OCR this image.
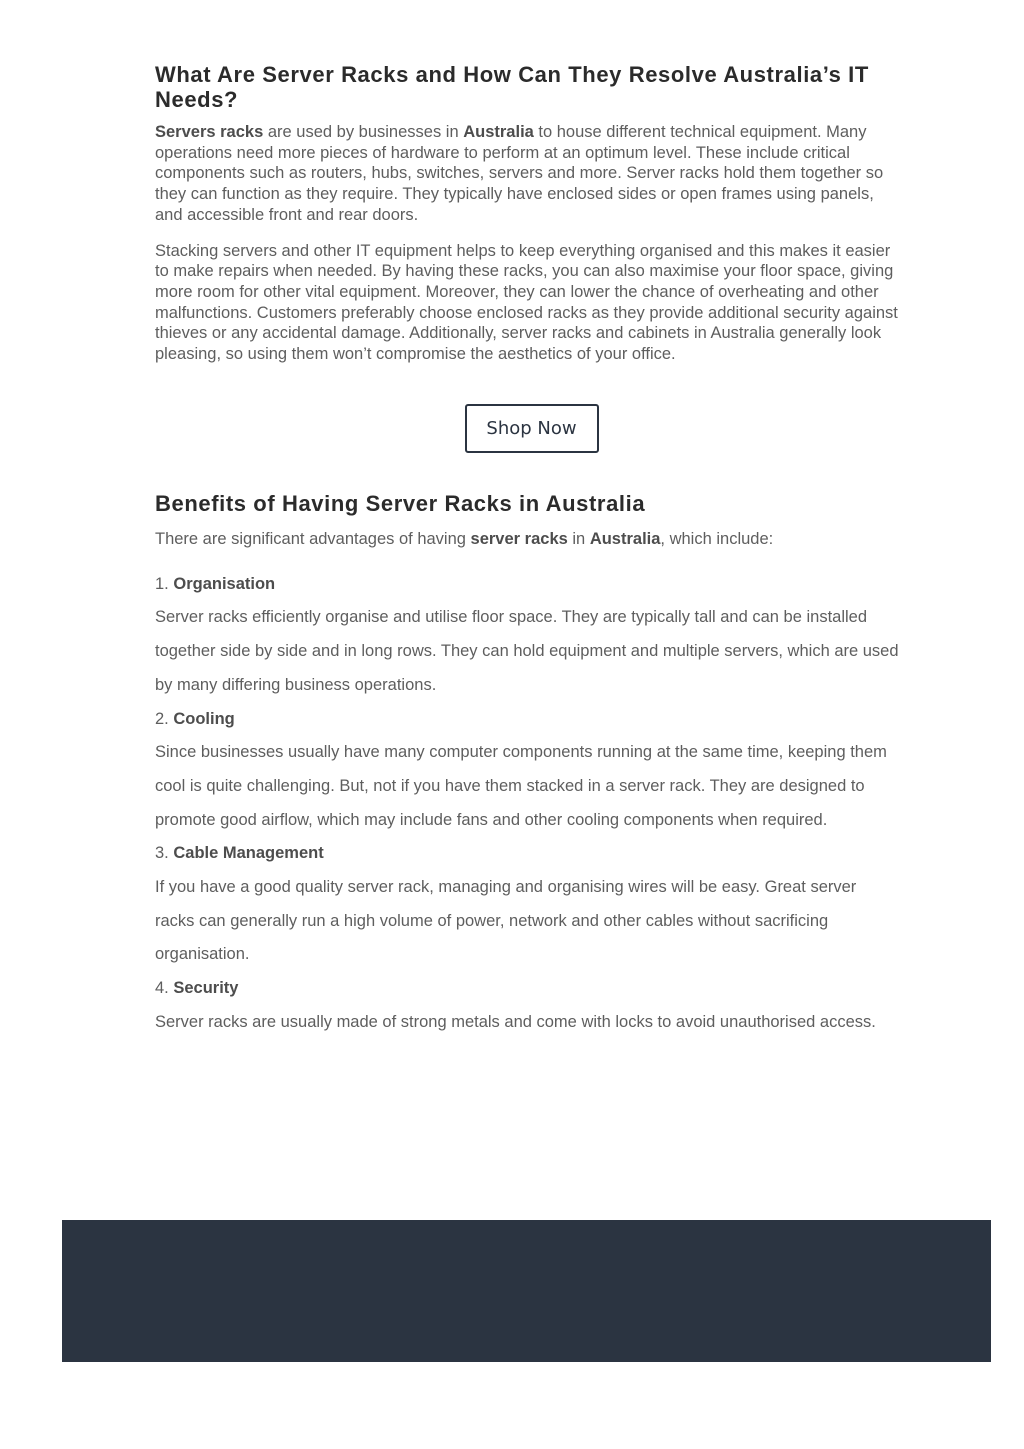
What Are Server Racks and How Can They Resolve Australia’s IT Needs?

Servers racks are used by businesses in Australia to house different technical equipment. Many operations need more pieces of hardware to perform at an optimum level. These include critical components such as routers, hubs, switches, servers and more. Server racks hold them together so they can function as they require. They typically have enclosed sides or open frames using panels, and accessible front and rear doors.

Stacking servers and other IT equipment helps to keep everything organised and this makes it easier to make repairs when needed. By having these racks, you can also maximise your floor space, giving more room for other vital equipment. Moreover, they can lower the chance of overheating and other malfunctions. Customers preferably choose enclosed racks as they provide additional security against thieves or any accidental damage. Additionally, server racks and cabinets in Australia generally look pleasing, so using them won’t compromise the aesthetics of your office.

Shop Now
Benefits of Having Server Racks in Australia

There are significant advantages of having server racks in Australia, which include:

1. Organisation
Server racks efficiently organise and utilise floor space. They are typically tall and can be installed together side by side and in long rows. They can hold equipment and multiple servers, which are used by many differing business operations.
2. Cooling
Since businesses usually have many computer components running at the same time, keeping them cool is quite challenging. But, not if you have them stacked in a server rack. They are designed to promote good airflow, which may include fans and other cooling components when required.
3. Cable Management
If you have a good quality server rack, managing and organising wires will be easy. Great server racks can generally run a high volume of power, network and other cables without sacrificing organisation.
4. Security
Server racks are usually made of strong metals and come with locks to avoid unauthorised access.
